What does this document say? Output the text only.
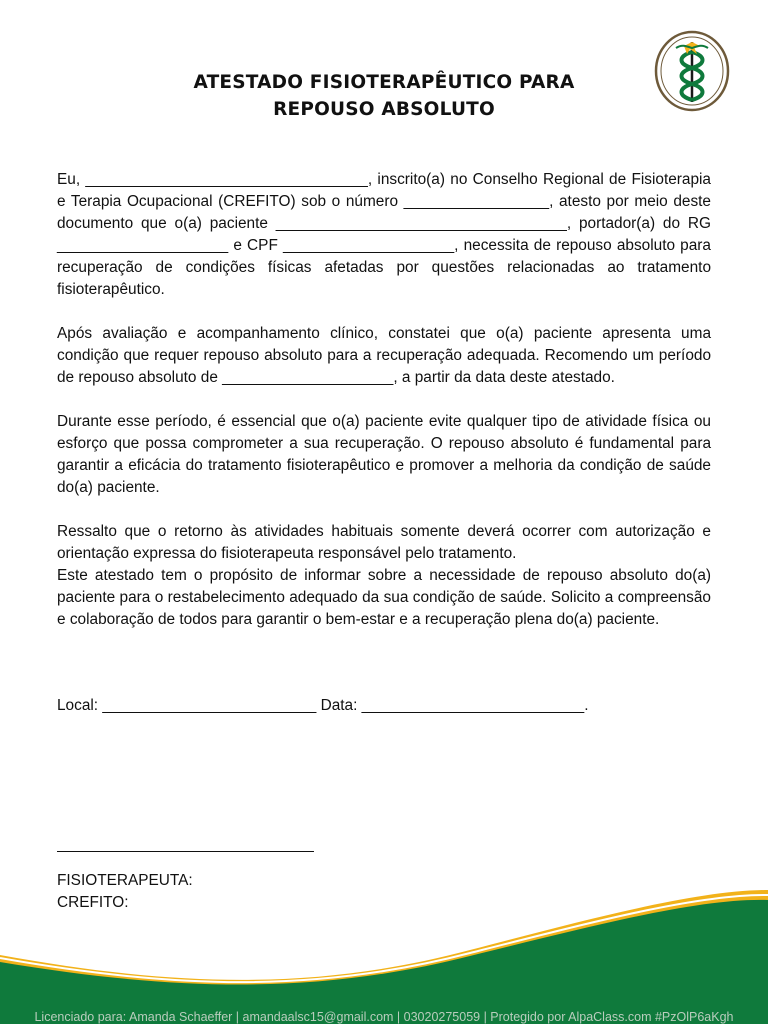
ATESTADO FISIOTERAPÊUTICO PARA
REPOUSO ABSOLUTO

Eu, _________________________________, inscrito(a) no Conselho Regional de Fisioterapia e Terapia Ocupacional (CREFITO) sob o número _________________, atesto por meio deste documento que o(a) paciente __________________________________, portador(a) do RG ____________________ e CPF ____________________, necessita de repouso absoluto para recuperação de condições físicas afetadas por questões relacionadas ao tratamento fisioterapêutico.

Após avaliação e acompanhamento clínico, constatei que o(a) paciente apresenta uma condição que requer repouso absoluto para a recuperação adequada. Recomendo um período de repouso absoluto de ____________________, a partir da data deste atestado.

Durante esse período, é essencial que o(a) paciente evite qualquer tipo de atividade física ou esforço que possa comprometer a sua recuperação. O repouso absoluto é fundamental para garantir a eficácia do tratamento fisioterapêutico e promover a melhoria da condição de saúde do(a) paciente.

Ressalto que o retorno às atividades habituais somente deverá ocorrer com autorização e orientação expressa do fisioterapeuta responsável pelo tratamento.

Este atestado tem o propósito de informar sobre a necessidade de repouso absoluto do(a) paciente para o restabelecimento adequado da sua condição de saúde. Solicito a compreensão e colaboração de todos para garantir o bem-estar e a recuperação plena do(a) paciente.

Local: _________________________ Data: __________________________.
______________________________
FISIOTERAPEUTA:
CREFITO:
Licenciado para: Amanda Schaeffer | amandaalsc15@gmail.com | 03020275059 | Protegido por AlpaClass.com #PzOlP6aKgh
